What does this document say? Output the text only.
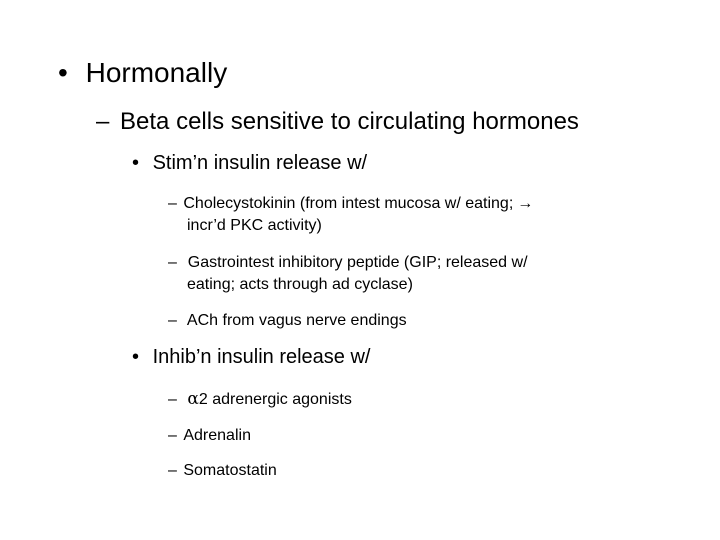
• Hormonally
– Beta cells sensitive to circulating hormones
• Stim’n insulin release w/
– Cholecystokinin (from intest mucosa w/ eating; →
incr’d PKC activity)
–  Gastrointest inhibitory peptide (GIP; released w/
eating; acts through ad cyclase)
–  ACh from vagus nerve endings
• Inhib’n insulin release w/
– α2 adrenergic agonists
– Adrenalin
– Somatostatin
